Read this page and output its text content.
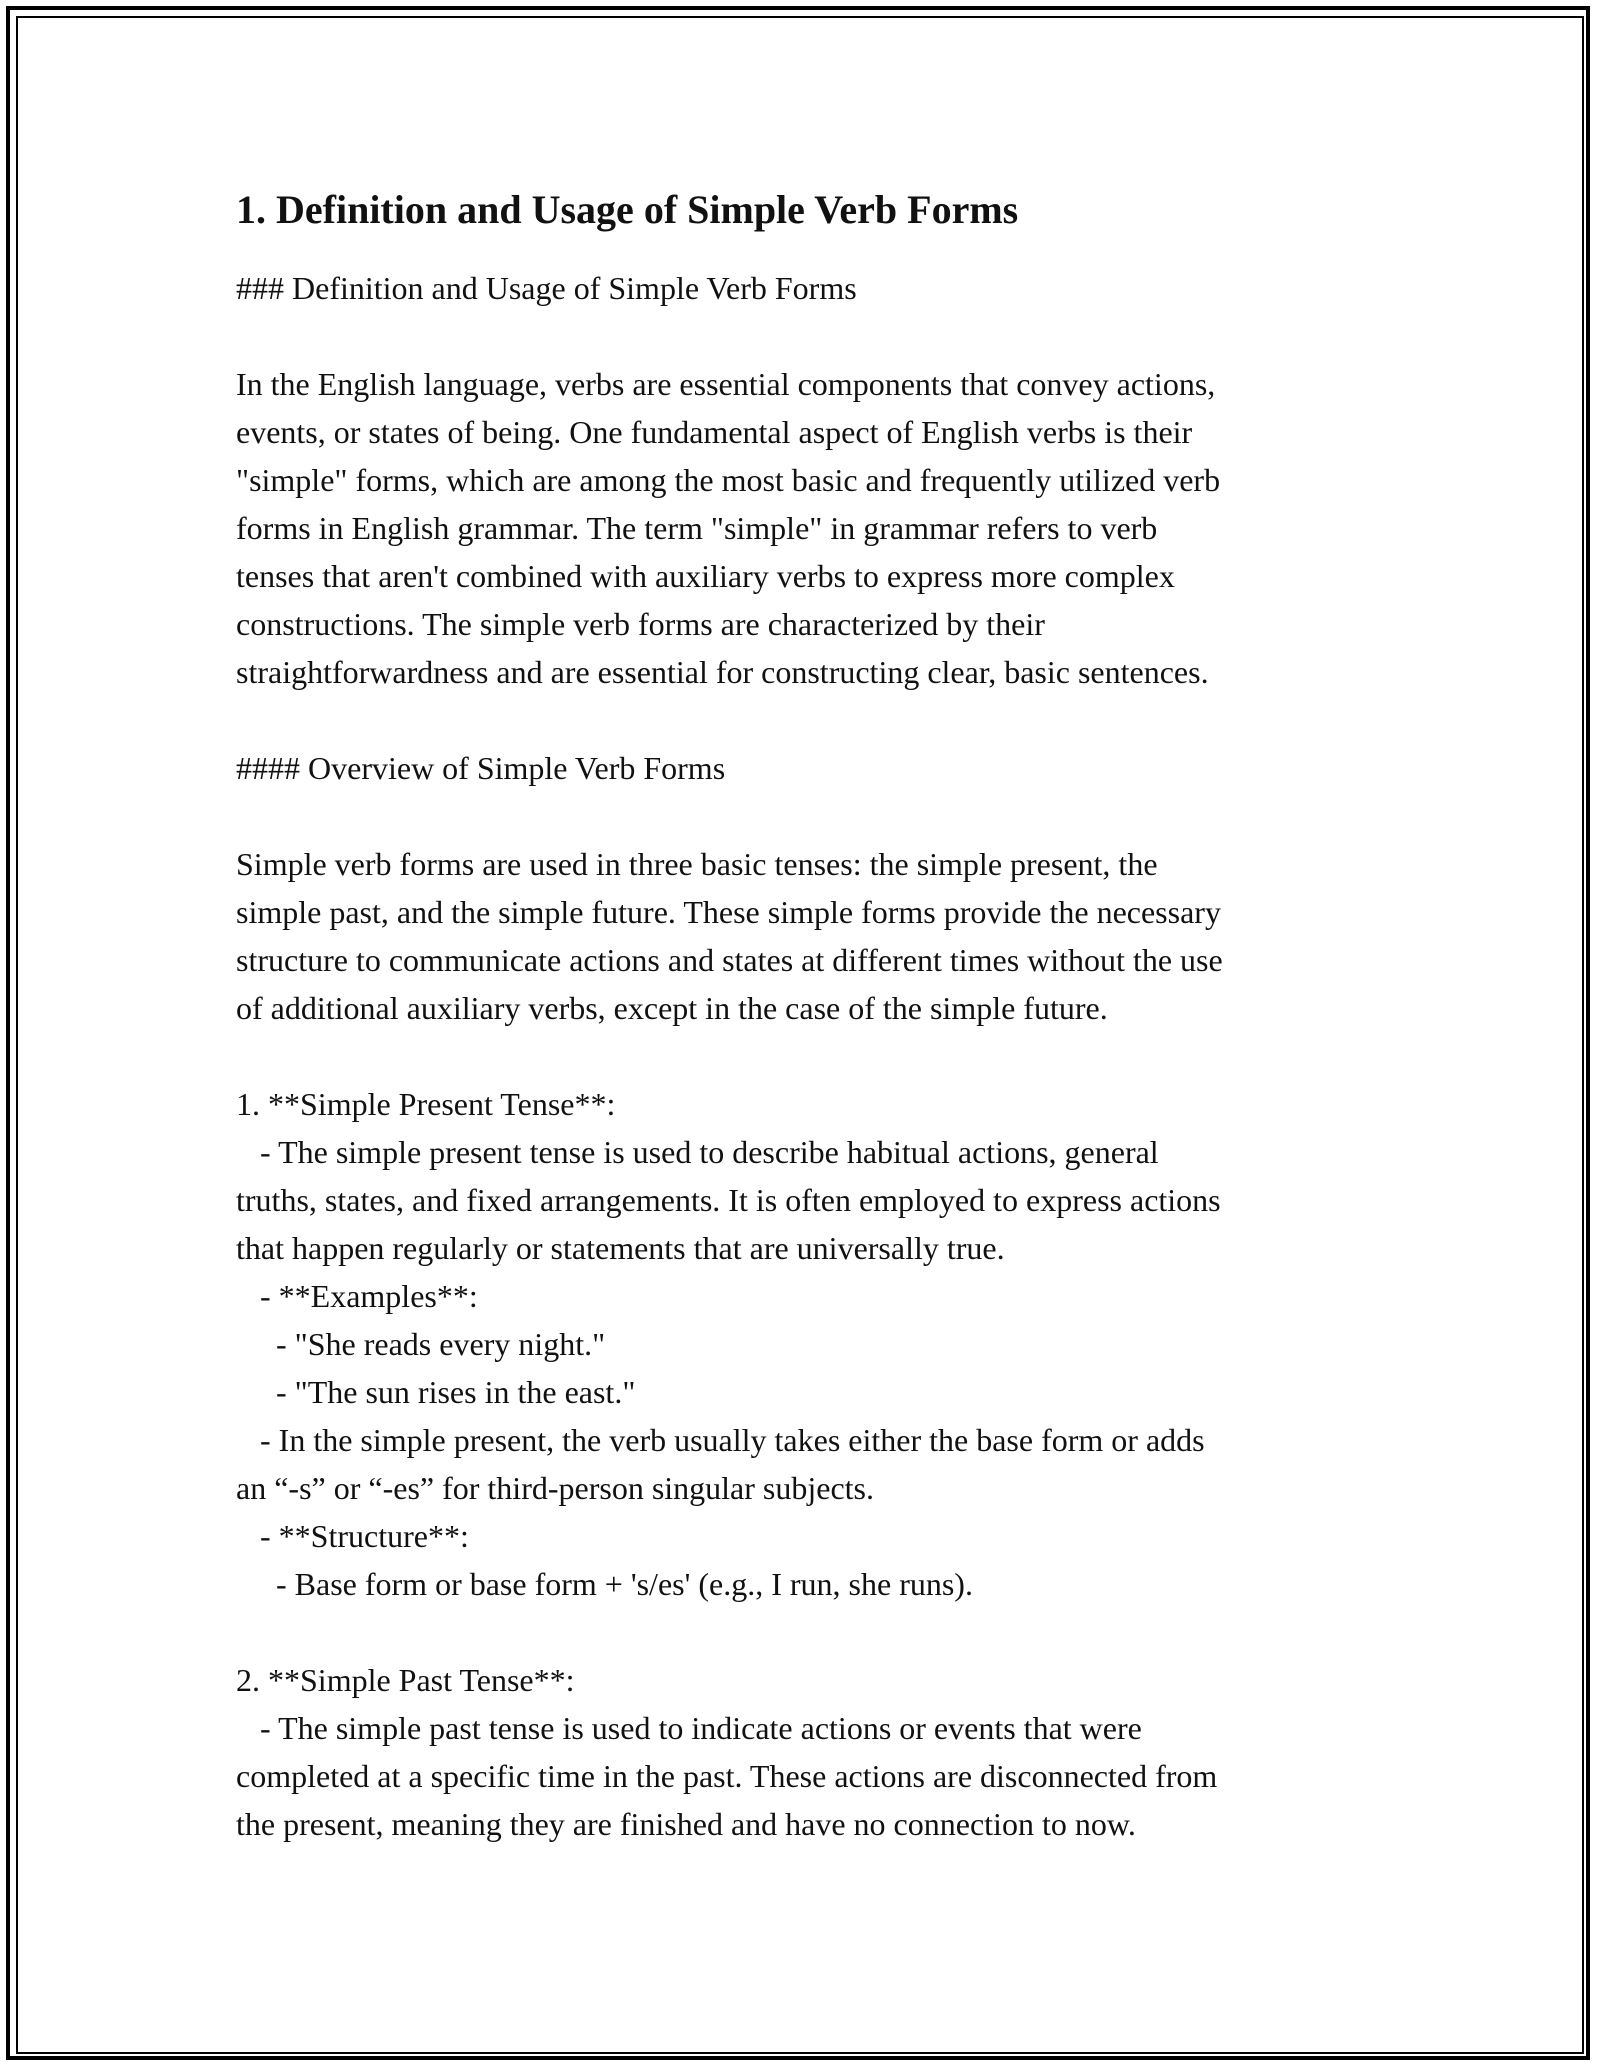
1. Definition and Usage of Simple Verb Forms

### Definition and Usage of Simple Verb Forms

In the English language, verbs are essential components that convey actions,

events, or states of being. One fundamental aspect of English verbs is their

"simple" forms, which are among the most basic and frequently utilized verb

forms in English grammar. The term "simple" in grammar refers to verb

tenses that aren't combined with auxiliary verbs to express more complex

constructions. The simple verb forms are characterized by their

straightforwardness and are essential for constructing clear, basic sentences.

#### Overview of Simple Verb Forms

Simple verb forms are used in three basic tenses: the simple present, the

simple past, and the simple future. These simple forms provide the necessary

structure to communicate actions and states at different times without the use

of additional auxiliary verbs, except in the case of the simple future.

1. **Simple Present Tense**:

- The simple present tense is used to describe habitual actions, general

truths, states, and fixed arrangements. It is often employed to express actions

that happen regularly or statements that are universally true.

- **Examples**:

- "She reads every night."

- "The sun rises in the east."

- In the simple present, the verb usually takes either the base form or adds

an “-s” or “-es” for third-person singular subjects.

- **Structure**:

- Base form or base form + 's/es' (e.g., I run, she runs).

2. **Simple Past Tense**:

- The simple past tense is used to indicate actions or events that were

completed at a specific time in the past. These actions are disconnected from

the present, meaning they are finished and have no connection to now.
